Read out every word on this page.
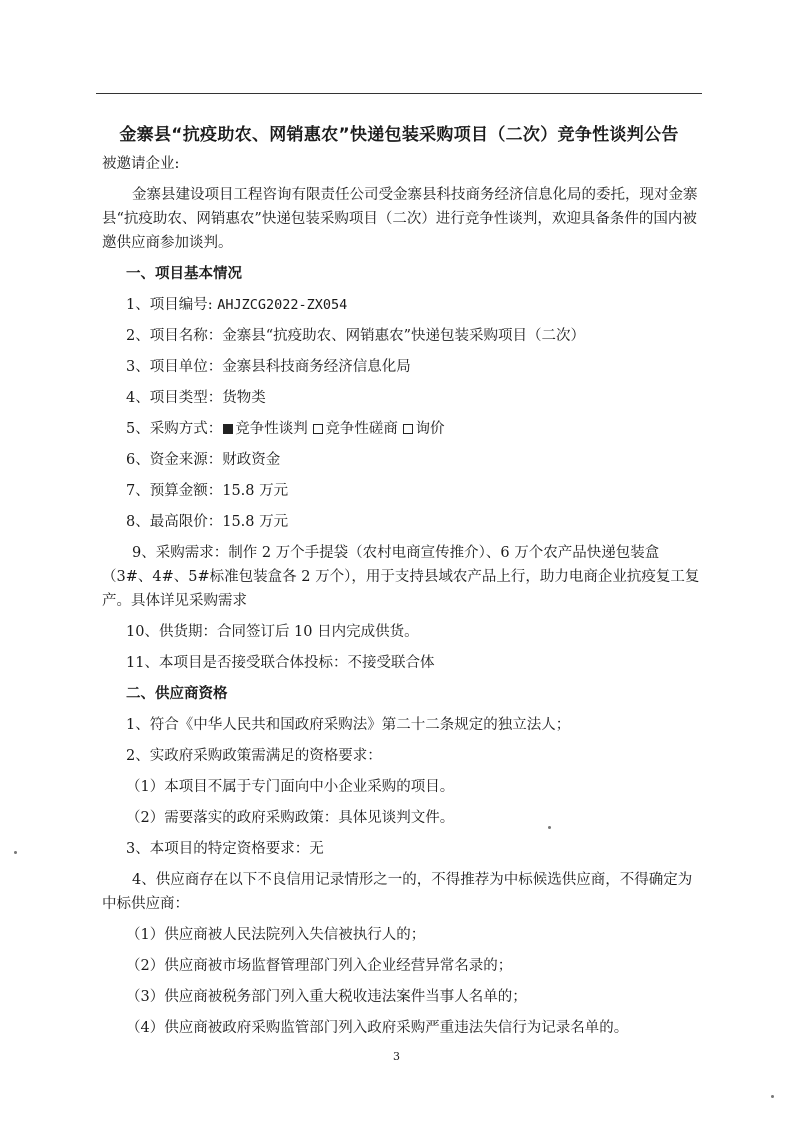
金寨县“抗疫助农、网销惠农”快递包装采购项目（二次）竞争性谈判公告

被邀请企业:

金寨县建设项目工程咨询有限责任公司受金寨县科技商务经济信息化局的委托，现对金寨县“抗疫助农、网销惠农”快递包装采购项目（二次）进行竞争性谈判，欢迎具备条件的国内被邀供应商参加谈判。

一、项目基本情况

1、项目编号: AHJZCG2022-ZX054

2、项目名称：金寨县“抗疫助农、网销惠农”快递包装采购项目（二次）

3、项目单位：金寨县科技商务经济信息化局

4、项目类型：货物类

5、采购方式： 竞争性谈判 竞争性磋商 询价

6、资金来源：财政资金

7、预算金额：15.8 万元

8、最高限价：15.8 万元

9、采购需求：制作 2 万个手提袋（农村电商宣传推介）、6 万个农产品快递包装盒（3#、4#、5#标准包装盒各 2 万个），用于支持县域农产品上行，助力电商企业抗疫复工复产。具体详见采购需求

10、供货期：合同签订后 10 日内完成供货。

11、本项目是否接受联合体投标：不接受联合体

二、供应商资格

1、符合《中华人民共和国政府采购法》第二十二条规定的独立法人；

2、实政府采购政策需满足的资格要求：

（1）本项目不属于专门面向中小企业采购的项目。

（2）需要落实的政府采购政策：具体见谈判文件。

3、本项目的特定资格要求：无

4、供应商存在以下不良信用记录情形之一的，不得推荐为中标候选供应商，不得确定为中标供应商：

（1）供应商被人民法院列入失信被执行人的；

（2）供应商被市场监督管理部门列入企业经营异常名录的；

（3）供应商被税务部门列入重大税收违法案件当事人名单的；

（4）供应商被政府采购监管部门列入政府采购严重违法失信行为记录名单的。

3
